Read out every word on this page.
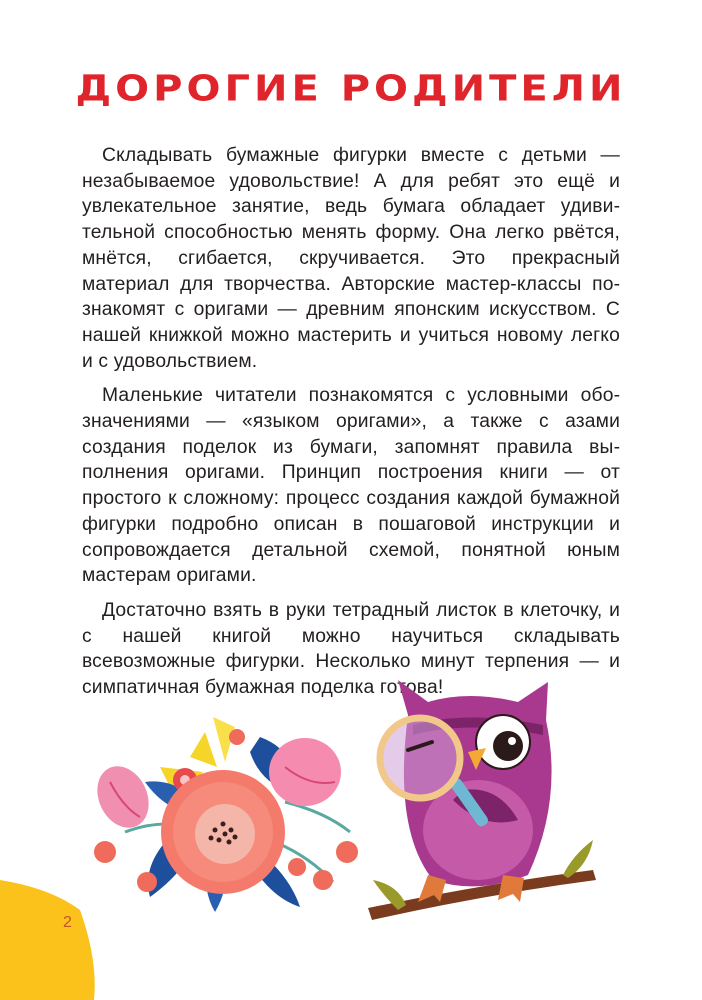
ДОРОГИЕ РОДИТЕЛИ

Складывать бумажные фигурки вместе с детьми — незабываемое удовольствие! А для ребят это ещё и увлекательное занятие, ведь бумага обладает удивительной способностью менять форму. Она легко рвётся, мнётся, сгибается, скручивается. Это прекрасный материал для творчества. Авторские мастер-классы познакомят с оригами — древним японским искусством. С нашей книжкой можно мастерить и учиться новому легко и с удовольствием.

Маленькие читатели познакомятся с условными обозначениями — «языком оригами», а также с азами создания поделок из бумаги, запомнят правила выполнения оригами. Принцип построения книги — от простого к сложному: процесс создания каждой бумажной фигурки подробно описан в пошаговой инструкции и сопровождается детальной схемой, понятной юным мастерам оригами.

Достаточно взять в руки тетрадный листок в клеточку, и с нашей книгой можно научиться складывать всевозможные фигурки. Несколько минут терпения — и симпатичная бумажная поделка готова!

2
